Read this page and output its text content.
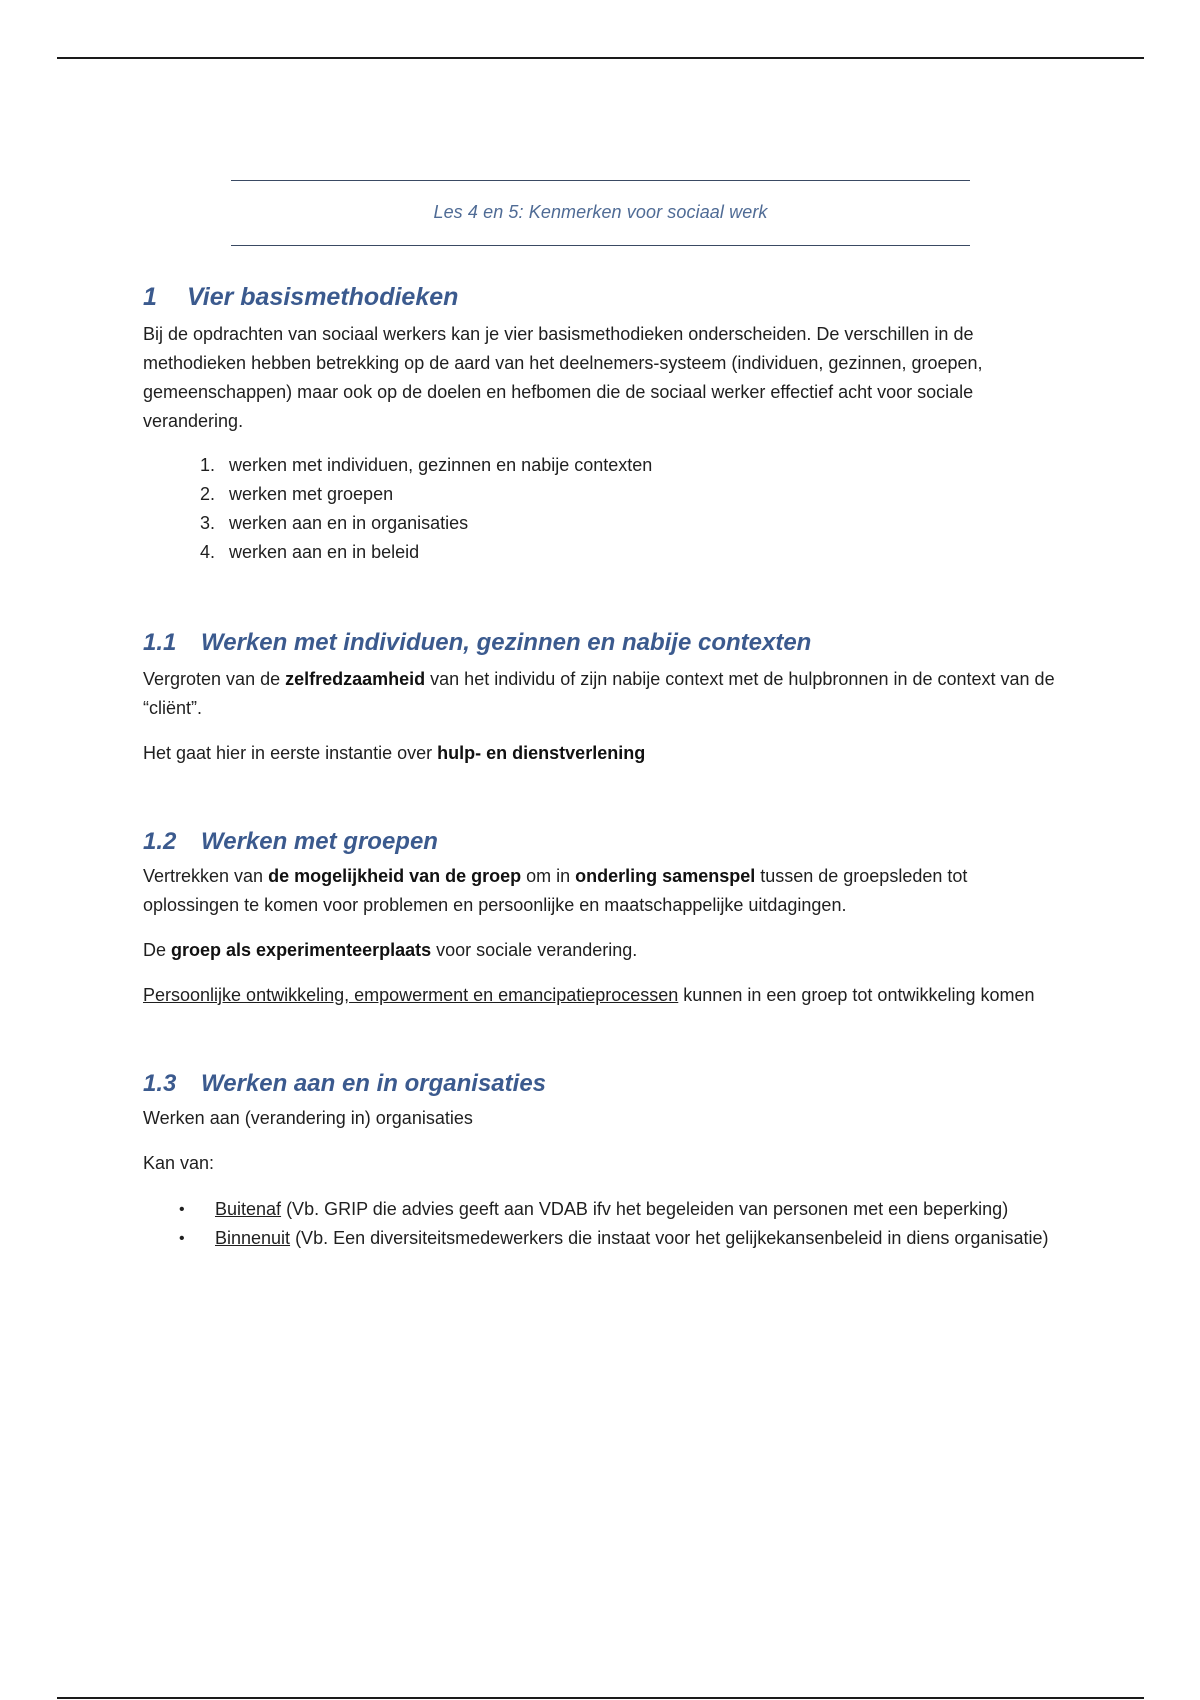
Les 4 en 5: Kenmerken voor sociaal werk
1	Vier basismethodieken

Bij de opdrachten van sociaal werkers kan je vier basismethodieken onderscheiden. De verschillen in de methodieken hebben betrekking op de aard van het deelnemers-systeem (individuen, gezinnen, groepen, gemeenschappen) maar ook op de doelen en hefbomen die de sociaal werker effectief acht voor sociale verandering.

1. werken met individuen, gezinnen en nabije contexten
2. werken met groepen
3. werken aan en in organisaties
4. werken aan en in beleid
1.1	Werken met individuen, gezinnen en nabije contexten

Vergroten van de zelfredzaamheid van het individu of zijn nabije context met de hulpbronnen in de context van de “cliënt”.

Het gaat hier in eerste instantie over hulp- en dienstverlening

1.2	Werken met groepen

Vertrekken van de mogelijkheid van de groep om in onderling samenspel tussen de groepsleden tot oplossingen te komen voor problemen en persoonlijke en maatschappelijke uitdagingen.

De groep als experimenteerplaats voor sociale verandering.

Persoonlijke ontwikkeling, empowerment en emancipatieprocessen kunnen in een groep tot ontwikkeling komen

1.3	Werken aan en in organisaties

Werken aan (verandering in) organisaties

Kan van:

•	Buitenaf (Vb. GRIP die advies geeft aan VDAB ifv het begeleiden van personen met een beperking)
•	Binnenuit (Vb. Een diversiteitsmedewerkers die instaat voor het gelijkekansenbeleid in diens organisatie)
